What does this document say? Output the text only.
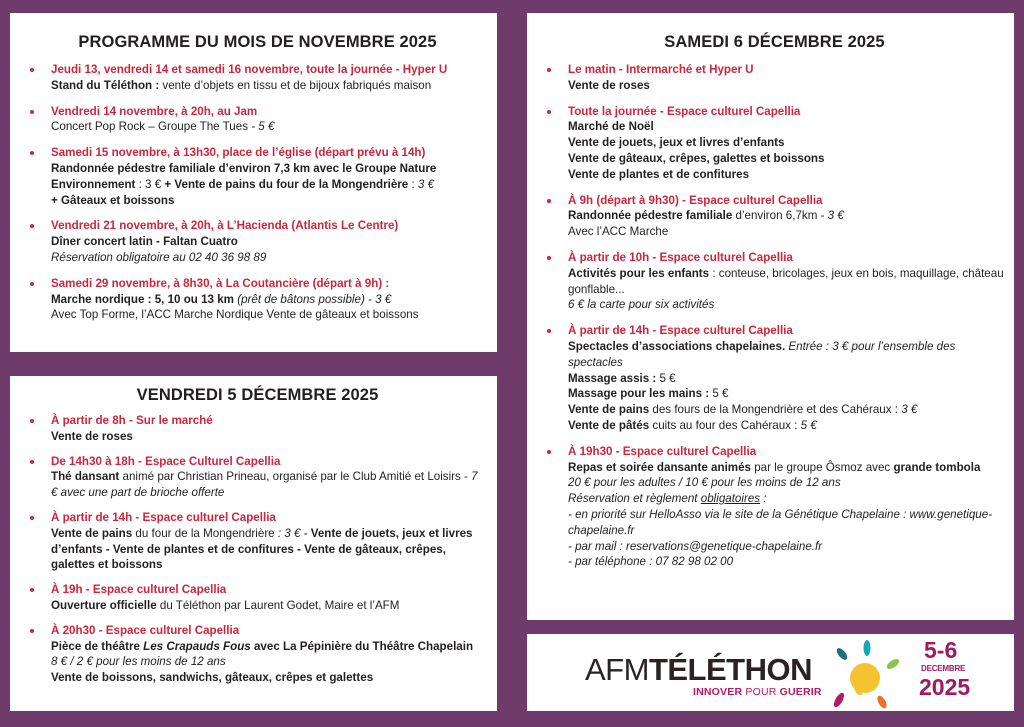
PROGRAMME DU MOIS DE NOVEMBRE 2025
Jeudi 13, vendredi 14 et samedi 16 novembre, toute la journée - Hyper U
Stand du Téléthon : vente d’objets en tissu et de bijoux fabriqués maison
Vendredi 14 novembre, à 20h, au Jam
Concert Pop Rock – Groupe The Tues - 5 €
Samedi 15 novembre, à 13h30, place de l’église (départ prévu à 14h)
Randonnée pédestre familiale d’environ 7,3 km avec le Groupe Nature Environnement : 3 € + Vente de pains du four de la Mongendrière : 3 €
+ Gâteaux et boissons
Vendredi 21 novembre, à 20h, à L’Hacienda (Atlantis Le Centre)
Dîner concert latin - Faltan Cuatro
Réservation obligatoire au 02 40 36 98 89
Samedi 29 novembre, à 8h30, à La Coutancière (départ à 9h) :
Marche nordique : 5, 10 ou 13 km (prêt de bâtons possible) - 3 €
Avec Top Forme, l’ACC Marche Nordique Vente de gâteaux et boissons
VENDREDI 5 DÉCEMBRE 2025
À partir de 8h - Sur le marché
Vente de roses
De 14h30 à 18h - Espace Culturel Capellia
Thé dansant animé par Christian Prineau, organisé par le Club Amitié et Loisirs - 7 € avec une part de brioche offerte
À partir de 14h - Espace culturel Capellia
Vente de pains du four de la Mongendrière : 3 € - Vente de jouets, jeux et livres d’enfants - Vente de plantes et de confitures - Vente de gâteaux, crêpes, galettes et boissons
À 19h - Espace culturel Capellia
Ouverture officielle du Téléthon par Laurent Godet, Maire et l’AFM
À 20h30 - Espace culturel Capellia
Pièce de théâtre Les Crapauds Fous avec La Pépinière du Théâtre Chapelain
8 € / 2 € pour les moins de 12 ans
Vente de boissons, sandwichs, gâteaux, crêpes et galettes
SAMEDI 6 DÉCEMBRE 2025
Le matin - Intermarché et Hyper U
Vente de roses
Toute la journée - Espace culturel Capellia
Marché de Noël
Vente de jouets, jeux et livres d’enfants
Vente de gâteaux, crêpes, galettes et boissons
Vente de plantes et de confitures
À 9h (départ à 9h30) - Espace culturel Capellia
Randonnée pédestre familiale d’environ 6,7km - 3 €
Avec l’ACC Marche
À partir de 10h - Espace culturel Capellia
Activités pour les enfants : conteuse, bricolages, jeux en bois, maquillage, château gonflable...
6 € la carte pour six activités
À partir de 14h - Espace culturel Capellia
Spectacles d’associations chapelaines. Entrée : 3 € pour l’ensemble des spectacles
Massage assis : 5 €
Massage pour les mains : 5 €
Vente de pains des fours de la Mongendrière et des Cahéraux : 3 €
Vente de pâtés cuits au four des Cahéraux : 5 €
À 19h30 - Espace culturel Capellia
Repas et soirée dansante animés par le groupe Ôsmoz avec grande tombola
20 € pour les adultes / 10 € pour les moins de 12 ans
Réservation et règlement obligatoires :
- en priorité sur HelloAsso via le site de la Génétique Chapelaine : www.genetique-chapelaine.fr
- par mail : reservations@genetique-chapelaine.fr
- par téléphone : 07 82 98 02 00
AFMTÉLÉTHON
INNOVER POUR GUERIR
5-6
DECEMBRE
2025
